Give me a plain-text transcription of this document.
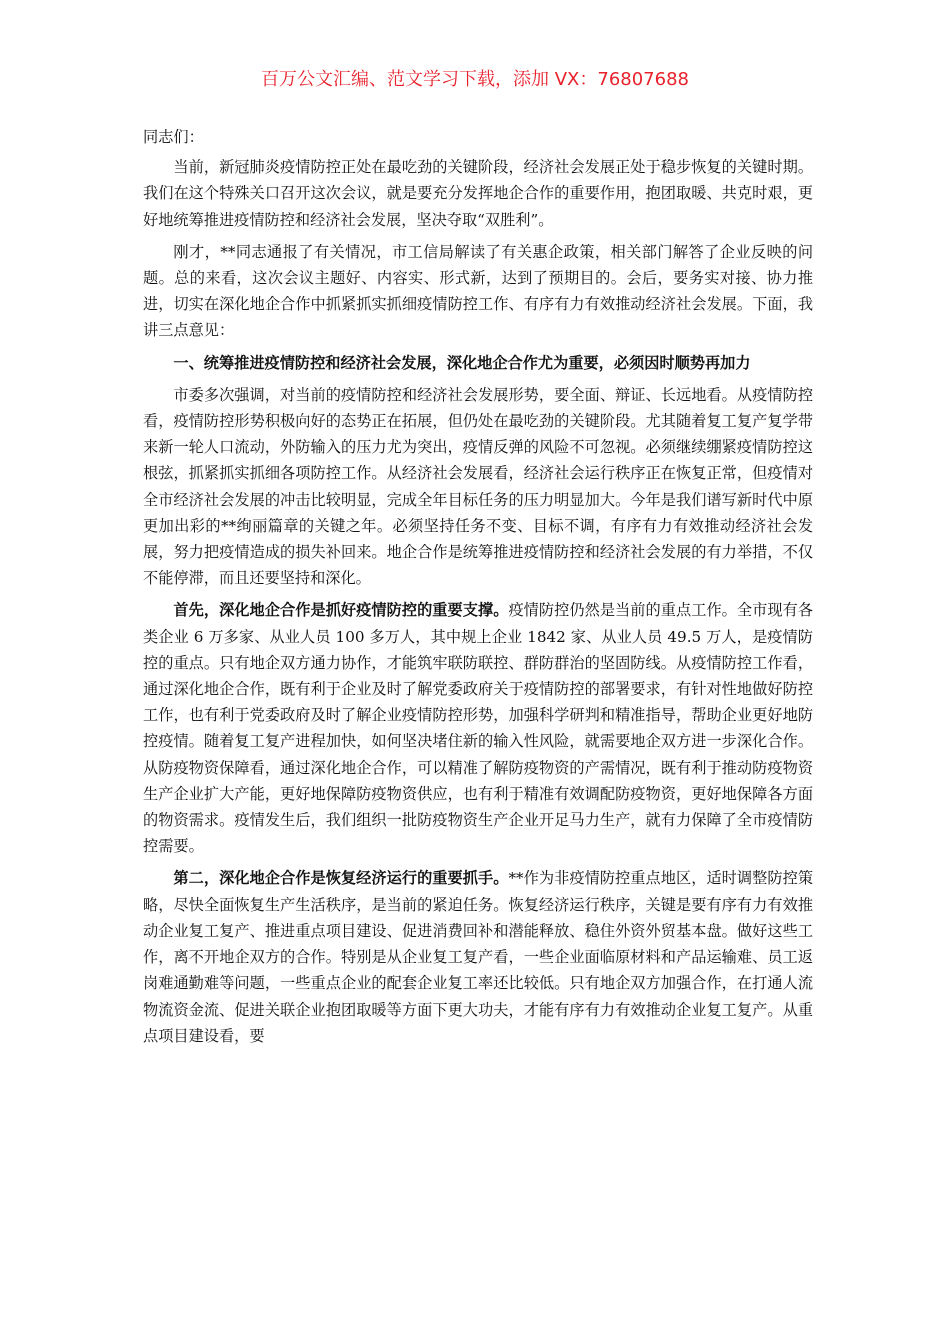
百万公文汇编、范文学习下载，添加 VX：76807688

同志们：

当前，新冠肺炎疫情防控正处在最吃劲的关键阶段，经济社会发展正处于稳步恢复的关键时期。我们在这个特殊关口召开这次会议，就是要充分发挥地企合作的重要作用，抱团取暖、共克时艰，更好地统筹推进疫情防控和经济社会发展，坚决夺取“双胜利”。

刚才，**同志通报了有关情况，市工信局解读了有关惠企政策，相关部门解答了企业反映的问题。总的来看，这次会议主题好、内容实、形式新，达到了预期目的。会后，要务实对接、协力推进，切实在深化地企合作中抓紧抓实抓细疫情防控工作、有序有力有效推动经济社会发展。下面，我讲三点意见：

一、统筹推进疫情防控和经济社会发展，深化地企合作尤为重要，必须因时顺势再加力

市委多次强调，对当前的疫情防控和经济社会发展形势，要全面、辩证、长远地看。从疫情防控看，疫情防控形势积极向好的态势正在拓展，但仍处在最吃劲的关键阶段。尤其随着复工复产复学带来新一轮人口流动，外防输入的压力尤为突出，疫情反弹的风险不可忽视。必须继续绷紧疫情防控这根弦，抓紧抓实抓细各项防控工作。从经济社会发展看，经济社会运行秩序正在恢复正常，但疫情对全市经济社会发展的冲击比较明显，完成全年目标任务的压力明显加大。今年是我们谱写新时代中原更加出彩的**绚丽篇章的关键之年。必须坚持任务不变、目标不调，有序有力有效推动经济社会发展，努力把疫情造成的损失补回来。地企合作是统筹推进疫情防控和经济社会发展的有力举措，不仅不能停滞，而且还要坚持和深化。

首先，深化地企合作是抓好疫情防控的重要支撑。疫情防控仍然是当前的重点工作。全市现有各类企业 6 万多家、从业人员 100 多万人，其中规上企业 1842 家、从业人员 49.5 万人，是疫情防控的重点。只有地企双方通力协作，才能筑牢联防联控、群防群治的坚固防线。从疫情防控工作看，通过深化地企合作，既有利于企业及时了解党委政府关于疫情防控的部署要求，有针对性地做好防控工作，也有利于党委政府及时了解企业疫情防控形势，加强科学研判和精准指导，帮助企业更好地防控疫情。随着复工复产进程加快，如何坚决堵住新的输入性风险，就需要地企双方进一步深化合作。从防疫物资保障看，通过深化地企合作，可以精准了解防疫物资的产需情况，既有利于推动防疫物资生产企业扩大产能，更好地保障防疫物资供应，也有利于精准有效调配防疫物资，更好地保障各方面的物资需求。疫情发生后，我们组织一批防疫物资生产企业开足马力生产，就有力保障了全市疫情防控需要。

第二，深化地企合作是恢复经济运行的重要抓手。**作为非疫情防控重点地区，适时调整防控策略，尽快全面恢复生产生活秩序，是当前的紧迫任务。恢复经济运行秩序，关键是要有序有力有效推动企业复工复产、推进重点项目建设、促进消费回补和潜能释放、稳住外资外贸基本盘。做好这些工作，离不开地企双方的合作。特别是从企业复工复产看，一些企业面临原材料和产品运输难、员工返岗难通勤难等问题，一些重点企业的配套企业复工率还比较低。只有地企双方加强合作，在打通人流物流资金流、促进关联企业抱团取暖等方面下更大功夫，才能有序有力有效推动企业复工复产。从重点项目建设看，要
